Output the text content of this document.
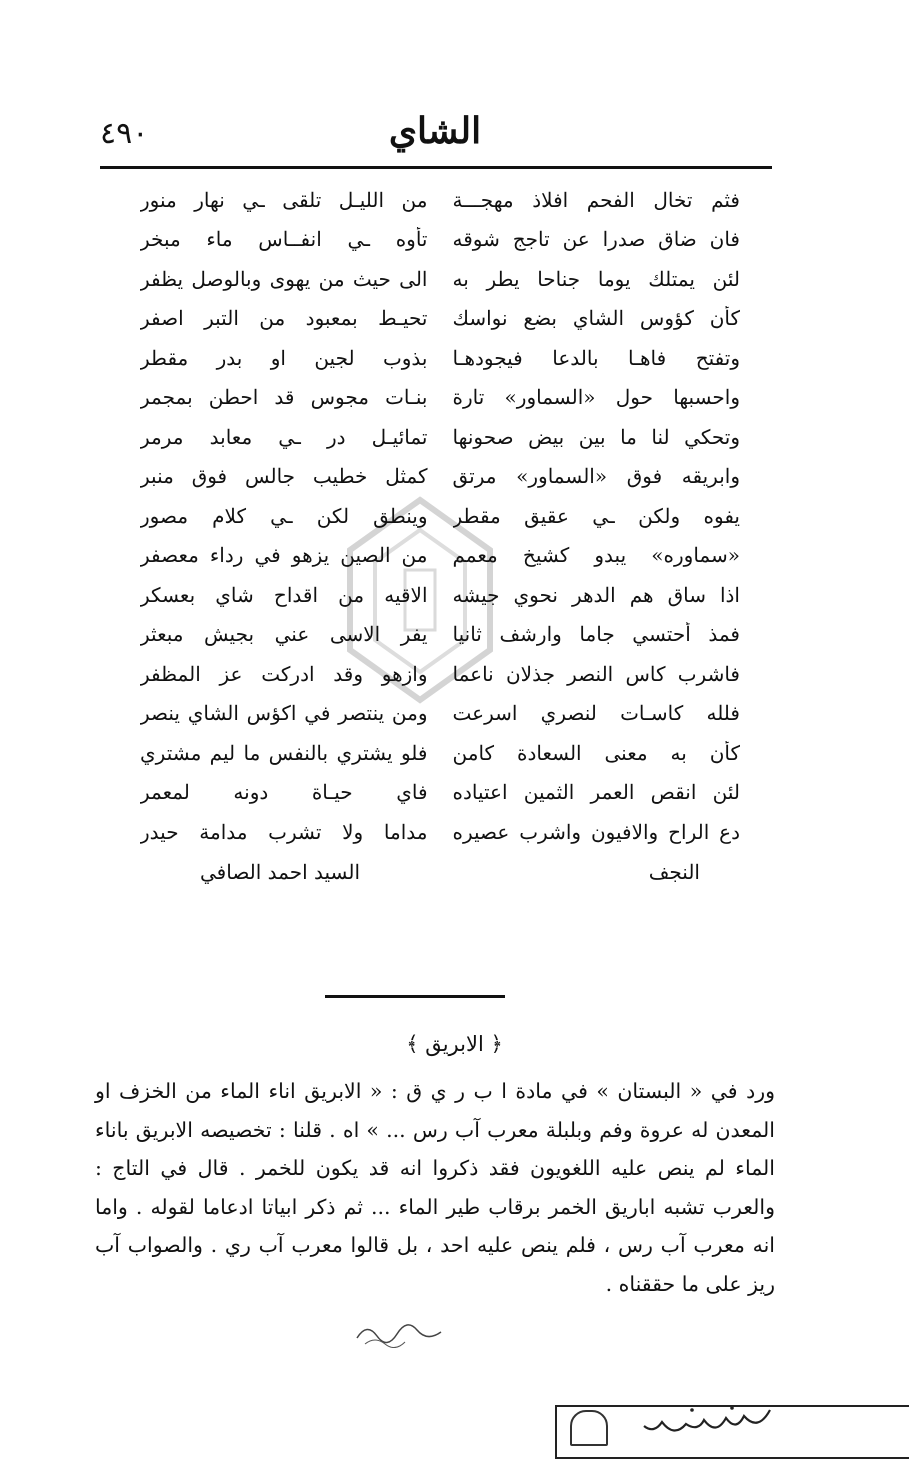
٤٩٠	الشاي
فثم تخال الفحم افلاذ مهجـــة
من الليـل تلقى ـي نهار منور
فان ضاق صدرا عن تاجج شوقه
تأوه ـي انفــاس ماء مبخر
لئن يمتلك يوما جناحا يطر به
الى حيث من يهوى وبالوصل يظفر
كأن كؤوس الشاي بضع نواسك
تحيـط بمعبود من التبر اصفر
وتفتح فاهـا بالدعا فيجودهـا
بذوب لجين او بدر مقطر
واحسبها حول «السماور» تارة
بنـات مجوس قد احطن بمجمر
وتحكي لنا ما بين بيض صحونها
تمائيـل در ـي معابد مرمر
وابريقه فوق «السماور» مرتق
كمثل خطيب جالس فوق منبر
يفوه ولكن ـي عقيق مقطر
وينطق لكن ـي كلام مصور
«سماوره» يبدو كشيخ معمم
من الصين يزهو في رداء معصفر
اذا ساق هم الدهر نحوي جيشه
الاقيه من اقداح شاي بعسكر
فمذ أحتسي جاما وارشف ثانيا
يفر الاسى عني بجيش مبعثر
فاشرب كاس النصر جذلان ناعما
وازهو وقد ادركت عز المظفر
فلله كاسـات لنصري اسرعت
ومن ينتصر في اكؤس الشاي ينصر
كأن به معنى السعادة كامن
فلو يشتري بالنفس ما ليم مشتري
لئن انقص العمر الثمين اعتياده
فاي حيـاة دونه لمعمر
دع الراح والافيون واشرب عصيره
مداما ولا تشرب مدامة حيدر
النجف
السيد احمد الصافي
﴿ الابريق ﴾

ورد في « البستان » في مادة ا ب ر ي ق : « الابريق اناء الماء من الخزف او المعدن له عروة وفم وبلبلة معرب آب رس ... » اه . قلنا : تخصيصه الابريق باناء الماء لم ينص عليه اللغويون فقد ذكروا انه قد يكون للخمر . قال في التاج : والعرب تشبه اباريق الخمر برقاب طير الماء ... ثم ذكر ابياتا ادعاما لقوله . واما انه معرب آب رس ، فلم ينص عليه احد ، بل قالوا معرب آب ري . والصواب آب ريز على ما حققناه .
